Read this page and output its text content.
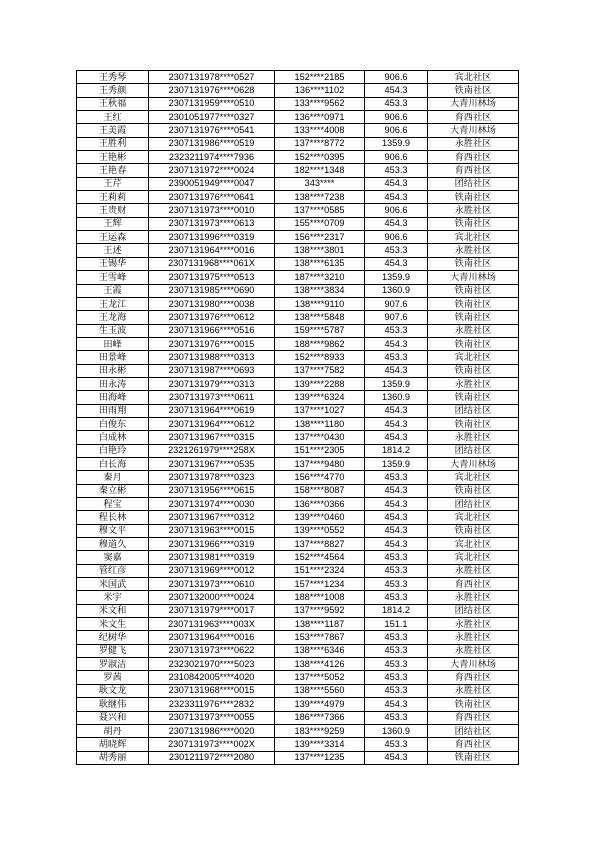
王秀琴	2307131978****0527	152****2185	906.6	宾北社区
王秀颜	2307131976****0628	136****1102	454.3	铁南社区
王秋福	2307131959****0510	133****9562	453.3	大青川林场
王红	2301051977****0327	136****0971	906.6	育西社区
王美霞	2307131976****0541	133****4008	906.6	大青川林场
王胜利	2307131986****0519	137****8772	1359.9	永胜社区
王艳彬	2323211974****7936	152****0395	906.6	育西社区
王艳春	2307131972****0024	182****1348	453.3	育西社区
王芹	2390051949****0047	343****	454.3	团结社区
王莉莉	2307131976****0641	138****7238	454.3	铁南社区
王贵财	2307131973****0010	137****0585	906.6	永胜社区
王辉	2307131973****0613	155****0709	454.3	铁南社区
王运森	2307131996****0319	156****2317	906.6	宾北社区
王述	2307131964****0016	138****3801	453.3	永胜社区
王锡华	2307131968****061X	138****6135	454.3	铁南社区
王雪峰	2307131975****0513	187****3210	1359.9	大青川林场
王霞	2307131985****0690	138****3834	1360.9	铁南社区
王龙江	2307131980****0038	138****9110	907.6	铁南社区
王龙海	2307131976****0612	138****5848	907.6	铁南社区
生玉波	2307131966****0516	159****5787	453.3	永胜社区
田峰	2307131976****0015	188****9862	454.3	铁南社区
田景峰	2307131988****0313	152****8933	453.3	宾北社区
田永彬	2307131987****0693	137****7582	454.3	铁南社区
田永涛	2307131979****0313	139****2288	1359.9	永胜社区
田海峰	2307131973****0611	139****6324	1360.9	铁南社区
田雨翔	2307131964****0619	137****1027	454.3	团结社区
白俊东	2307131964****0612	138****1180	454.3	铁南社区
白成林	2307131967****0315	137****0430	454.3	永胜社区
白艳玲	2321261979****258X	151****2305	1814.2	团结社区
白长海	2307131967****0535	137****9480	1359.9	大青川林场
秦月	2307131978****0323	156****4770	453.3	宾北社区
秦立彬	2307131956****0615	158****8087	454.3	铁南社区
程宝	2307131974****0030	136****0366	454.3	团结社区
程长林	2307131967****0312	139****0460	454.3	宾北社区
穆文平	2307131963****0015	139****0552	454.3	铁南社区
穆道久	2307131966****0319	137****8827	454.3	宾北社区
窦嘉	2307131981****0319	152****4564	453.3	宾北社区
管红彦	2307131969****0012	151****2324	453.3	永胜社区
米国武	2307131973****0610	157****1234	453.3	育西社区
米宇	2307132000****0024	188****1008	453.3	永胜社区
米文和	2307131979****0017	137****9592	1814.2	团结社区
米文生	2307131963****003X	138****1187	151.1	永胜社区
纪树华	2307131964****0016	153****7867	453.3	永胜社区
罗健飞	2307131973****0622	138****6346	453.3	永胜社区
罗淑洁	2323021970****5023	138****4126	453.3	大青川林场
罗茜	2310842005****4020	137****5052	453.3	育西社区
耿文龙	2307131968****0015	138****5560	453.3	永胜社区
耿继伟	2323311976****2832	139****4979	454.3	铁南社区
聂兴和	2307131973****0055	186****7366	453.3	育西社区
胡丹	2307131986****0020	183****9259	1360.9	团结社区
胡晓辉	2307131973****002X	139****3314	453.3	育西社区
胡秀丽	2301211972****2080	137****1235	454.3	铁南社区
